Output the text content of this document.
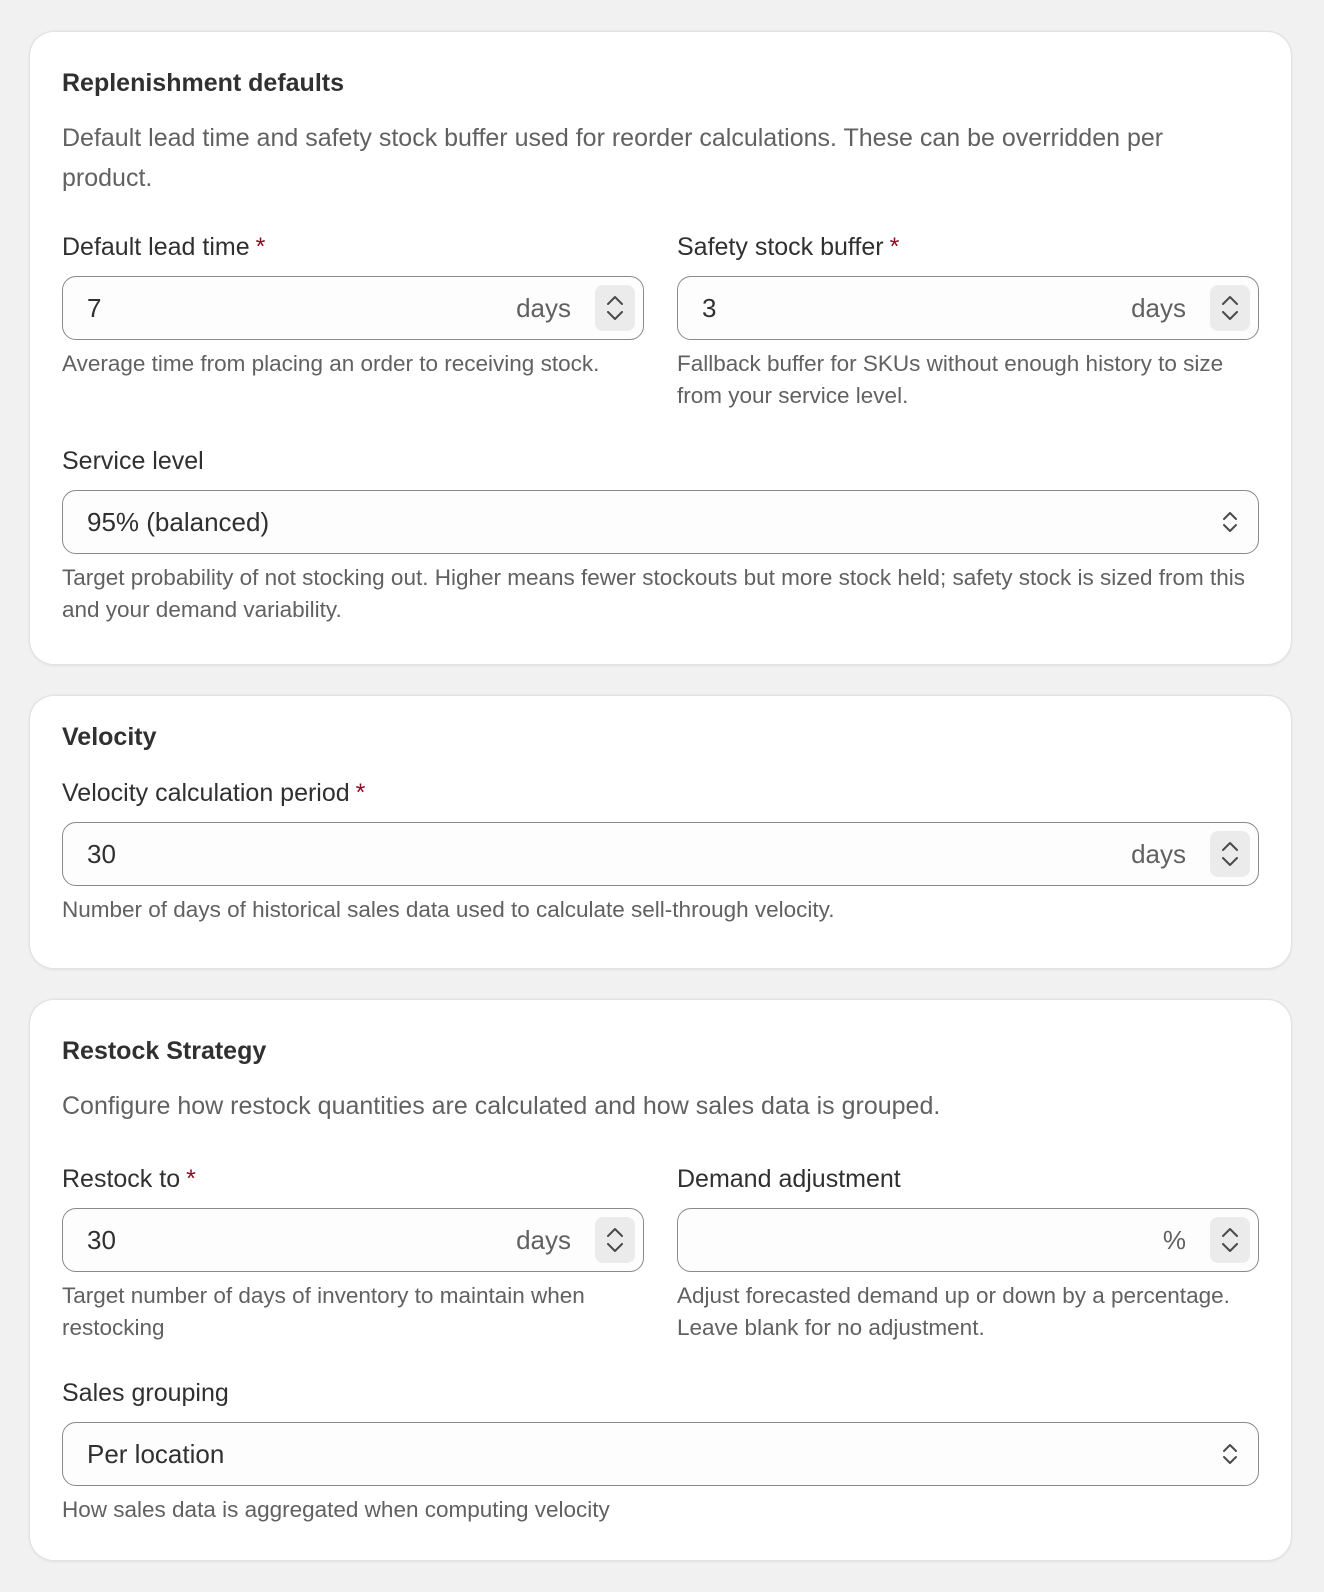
Replenishment defaults

Default lead time and safety stock buffer used for reorder calculations. These can be overridden per product.

Default lead time *
7	days

Average time from placing an order to receiving stock.

Safety stock buffer *
3	days

Fallback buffer for SKUs without enough history to size from your service level.

Service level
95% (balanced)

Target probability of not stocking out. Higher means fewer stockouts but more stock held; safety stock is sized from this and your demand variability.

Velocity
Velocity calculation period *
30	days

Number of days of historical sales data used to calculate sell-through velocity.

Restock Strategy

Configure how restock quantities are calculated and how sales data is grouped.

Restock to *
30	days

Target number of days of inventory to maintain when restocking

Demand adjustment
%

Adjust forecasted demand up or down by a percentage. Leave blank for no adjustment.

Sales grouping
Per location

How sales data is aggregated when computing velocity
